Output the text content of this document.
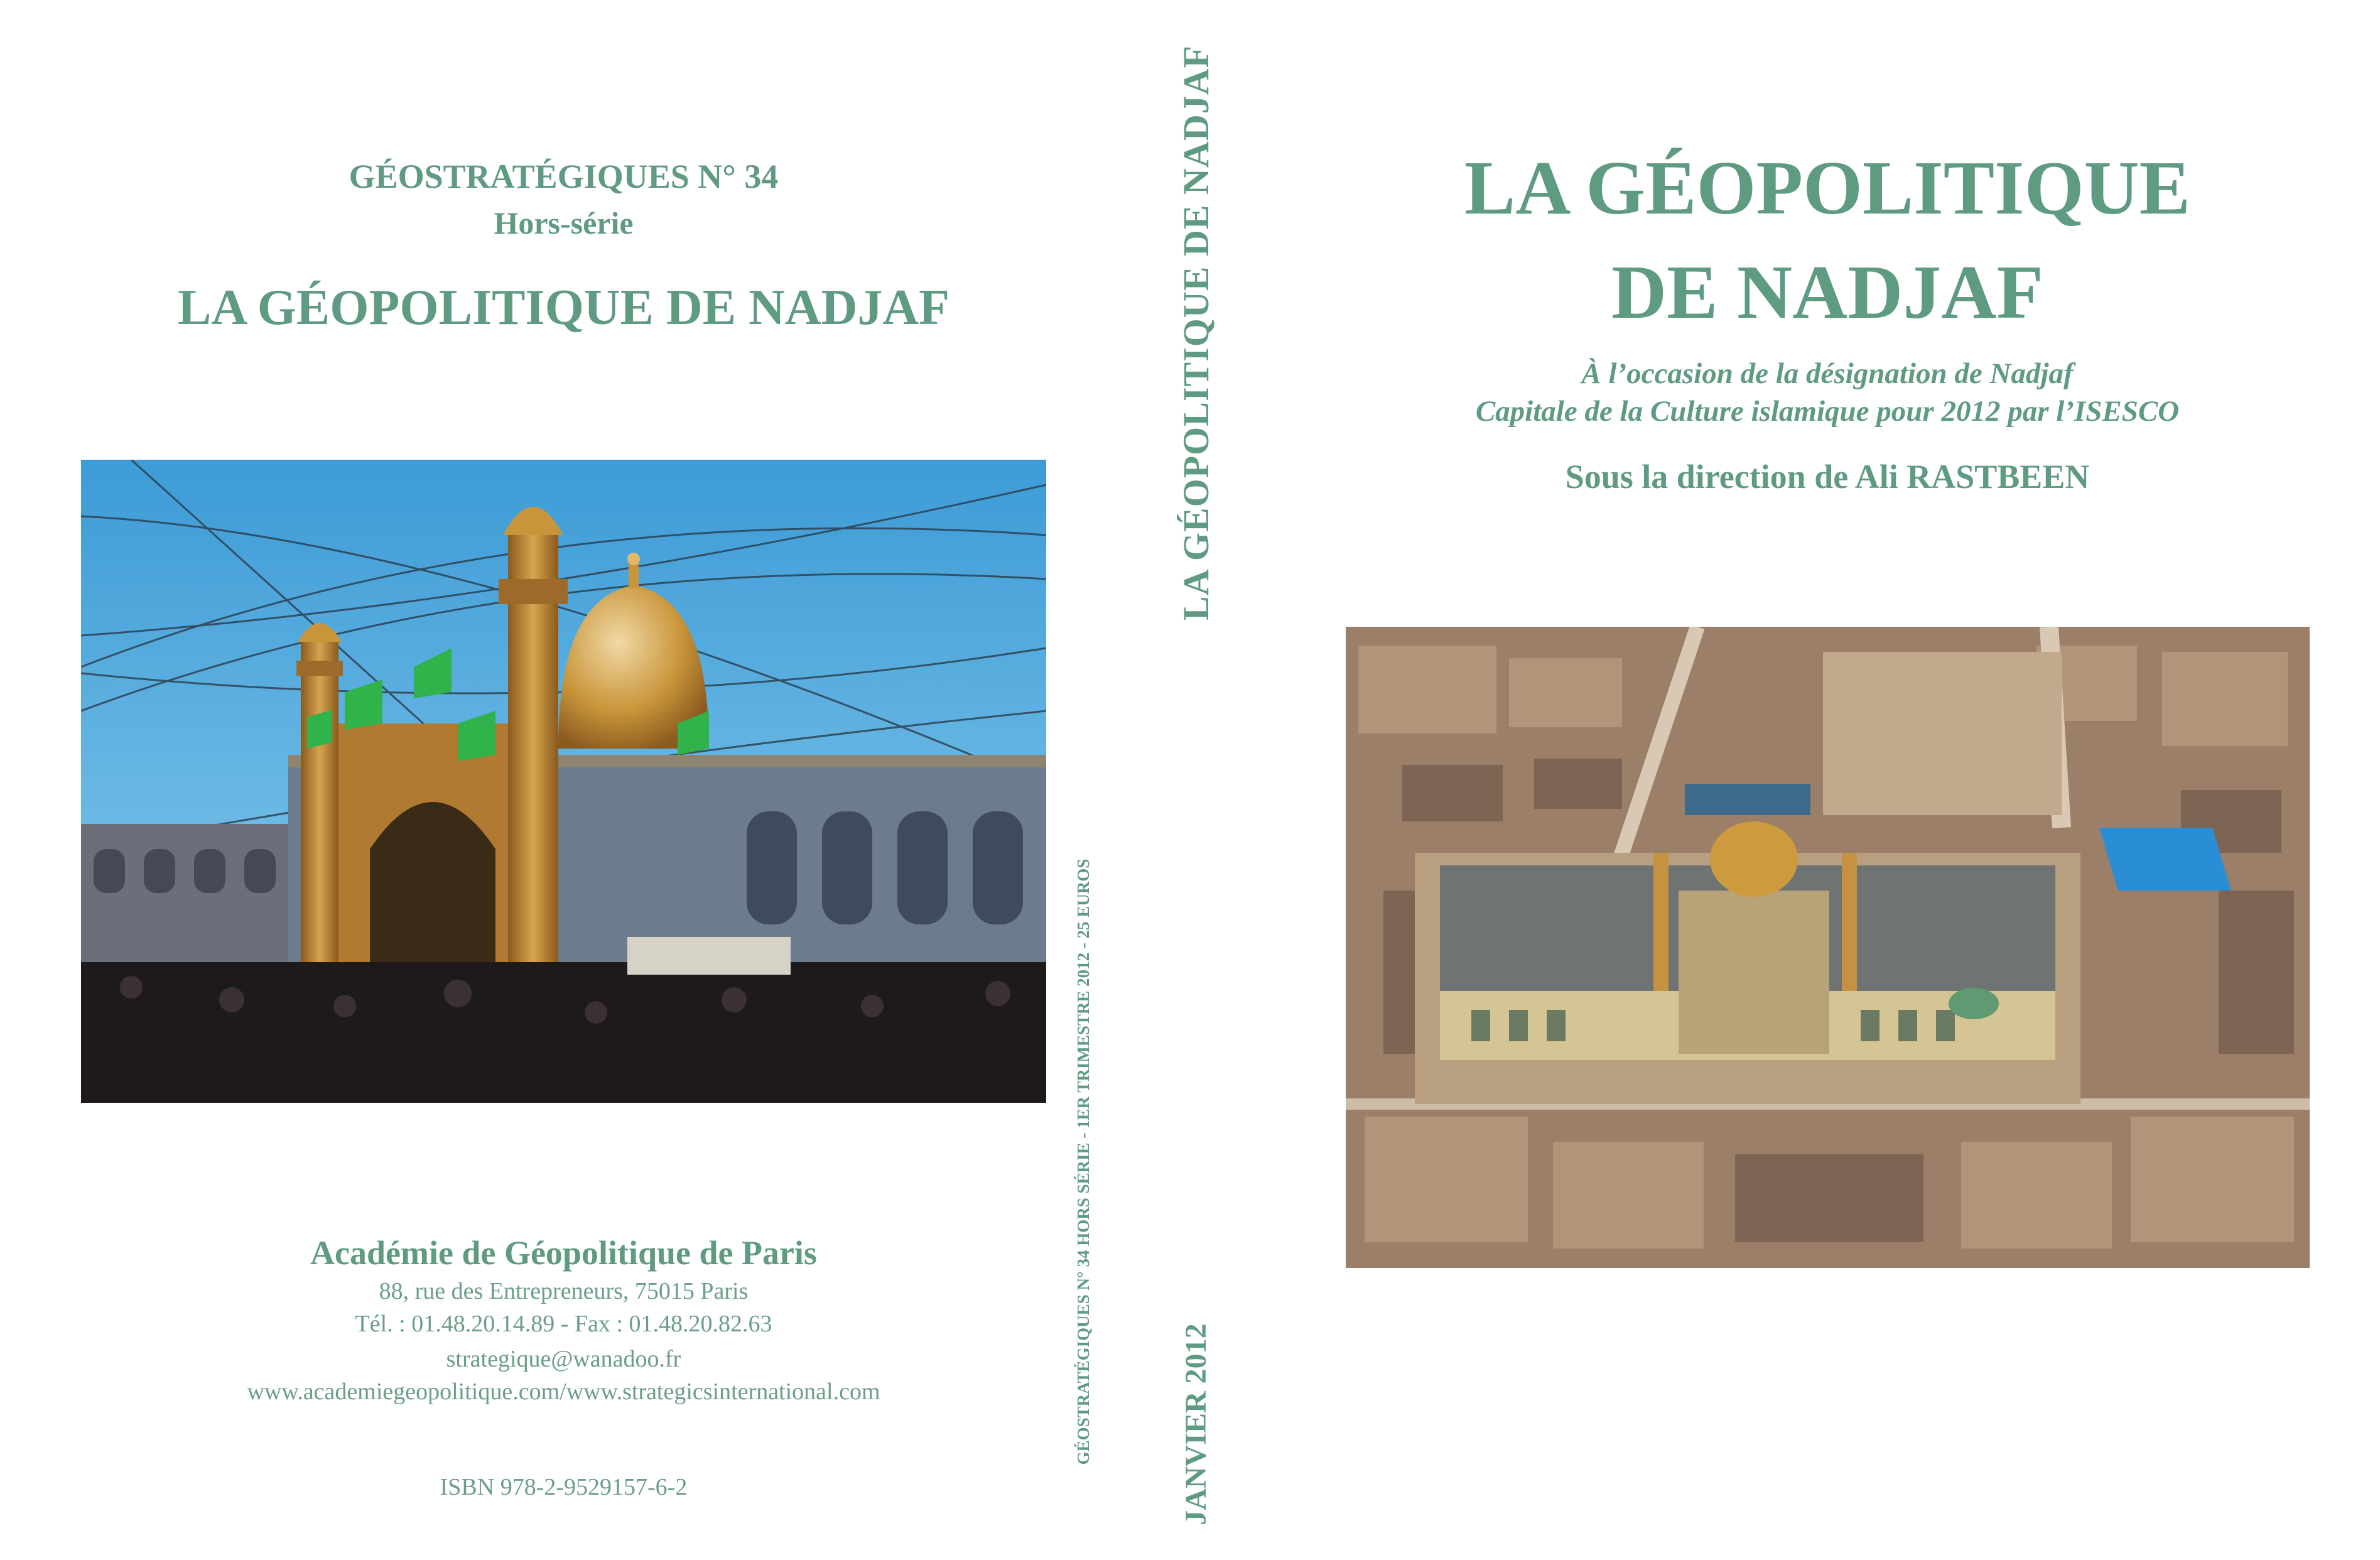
GÉOSTRATÉGIQUES N° 34
Hors-série
LA GÉOPOLITIQUE DE NADJAF
Académie de Géopolitique de Paris
88, rue des Entrepreneurs, 75015 Paris
Tél. : 01.48.20.14.89 - Fax : 01.48.20.82.63
strategique@wanadoo.fr
www.academiegeopolitique.com/www.strategicsinternational.com
ISBN 978-2-9529157-6-2
LA GÉOPOLITIQUE DE NADJAF
GÉOSTRATÉGIQUES N° 34 HORS SÉRIE - 1ER TRIMESTRE 2012 - 25 EUROS	JANVIER 2012
LA GÉOPOLITIQUE
DE NADJAF
À l’occasion de la désignation de Nadjaf
Capitale de la Culture islamique pour 2012 par l’ISESCO
Sous la direction de Ali RASTBEEN
